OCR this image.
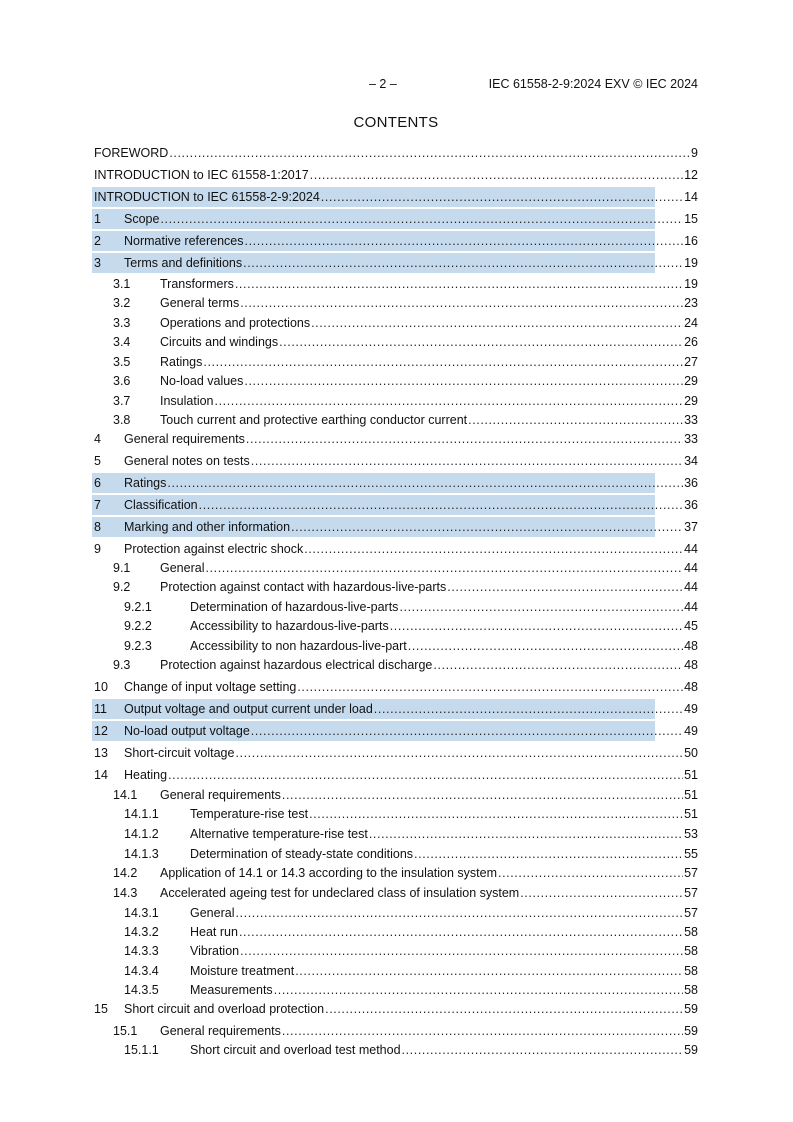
– 2 –	IEC 61558-2-9:2024 EXV © IEC 2024
CONTENTS
FOREWORD .....	9
INTRODUCTION to IEC 61558-1:2017 .....	12
INTRODUCTION to IEC 61558-2-9:2024 .....	14
1 Scope .....	15
2 Normative references .....	16
3 Terms and definitions .....	19
3.1 Transformers .....	19
3.2 General terms .....	23
3.3 Operations and protections .....	24
3.4 Circuits and windings .....	26
3.5 Ratings .....	27
3.6 No-load values .....	29
3.7 Insulation .....	29
3.8 Touch current and protective earthing conductor current .....	33
4 General requirements .....	33
5 General notes on tests .....	34
6 Ratings .....	36
7 Classification .....	36
8 Marking and other information .....	37
9 Protection against electric shock .....	44
9.1 General .....	44
9.2 Protection against contact with hazardous-live-parts .....	44
9.2.1	Determination of hazardous-live-parts .....	44
9.2.2	Accessibility to hazardous-live-parts .....	45
9.2.3	Accessibility to non hazardous-live-part .....	48
9.3 Protection against hazardous electrical discharge .....	48
10 Change of input voltage setting .....	48
11 Output voltage and output current under load .....	49
12 No-load output voltage .....	49
13 Short-circuit voltage .....	50
14 Heating .....	51
14.1 General requirements .....	51
14.1.1 Temperature-rise test .....	51
14.1.2 Alternative temperature-rise test .....	53
14.1.3 Determination of steady-state conditions .....	55
14.2 Application of 14.1 or 14.3 according to the insulation system .....	57
14.3 Accelerated ageing test for undeclared class of insulation system .....	57
14.3.1 General .....	57
14.3.2 Heat run .....	58
14.3.3 Vibration .....	58
14.3.4 Moisture treatment .....	58
14.3.5 Measurements .....	58
15 Short circuit and overload protection .....	59
15.1 General requirements .....	59
15.1.1 Short circuit and overload test method .....	59
